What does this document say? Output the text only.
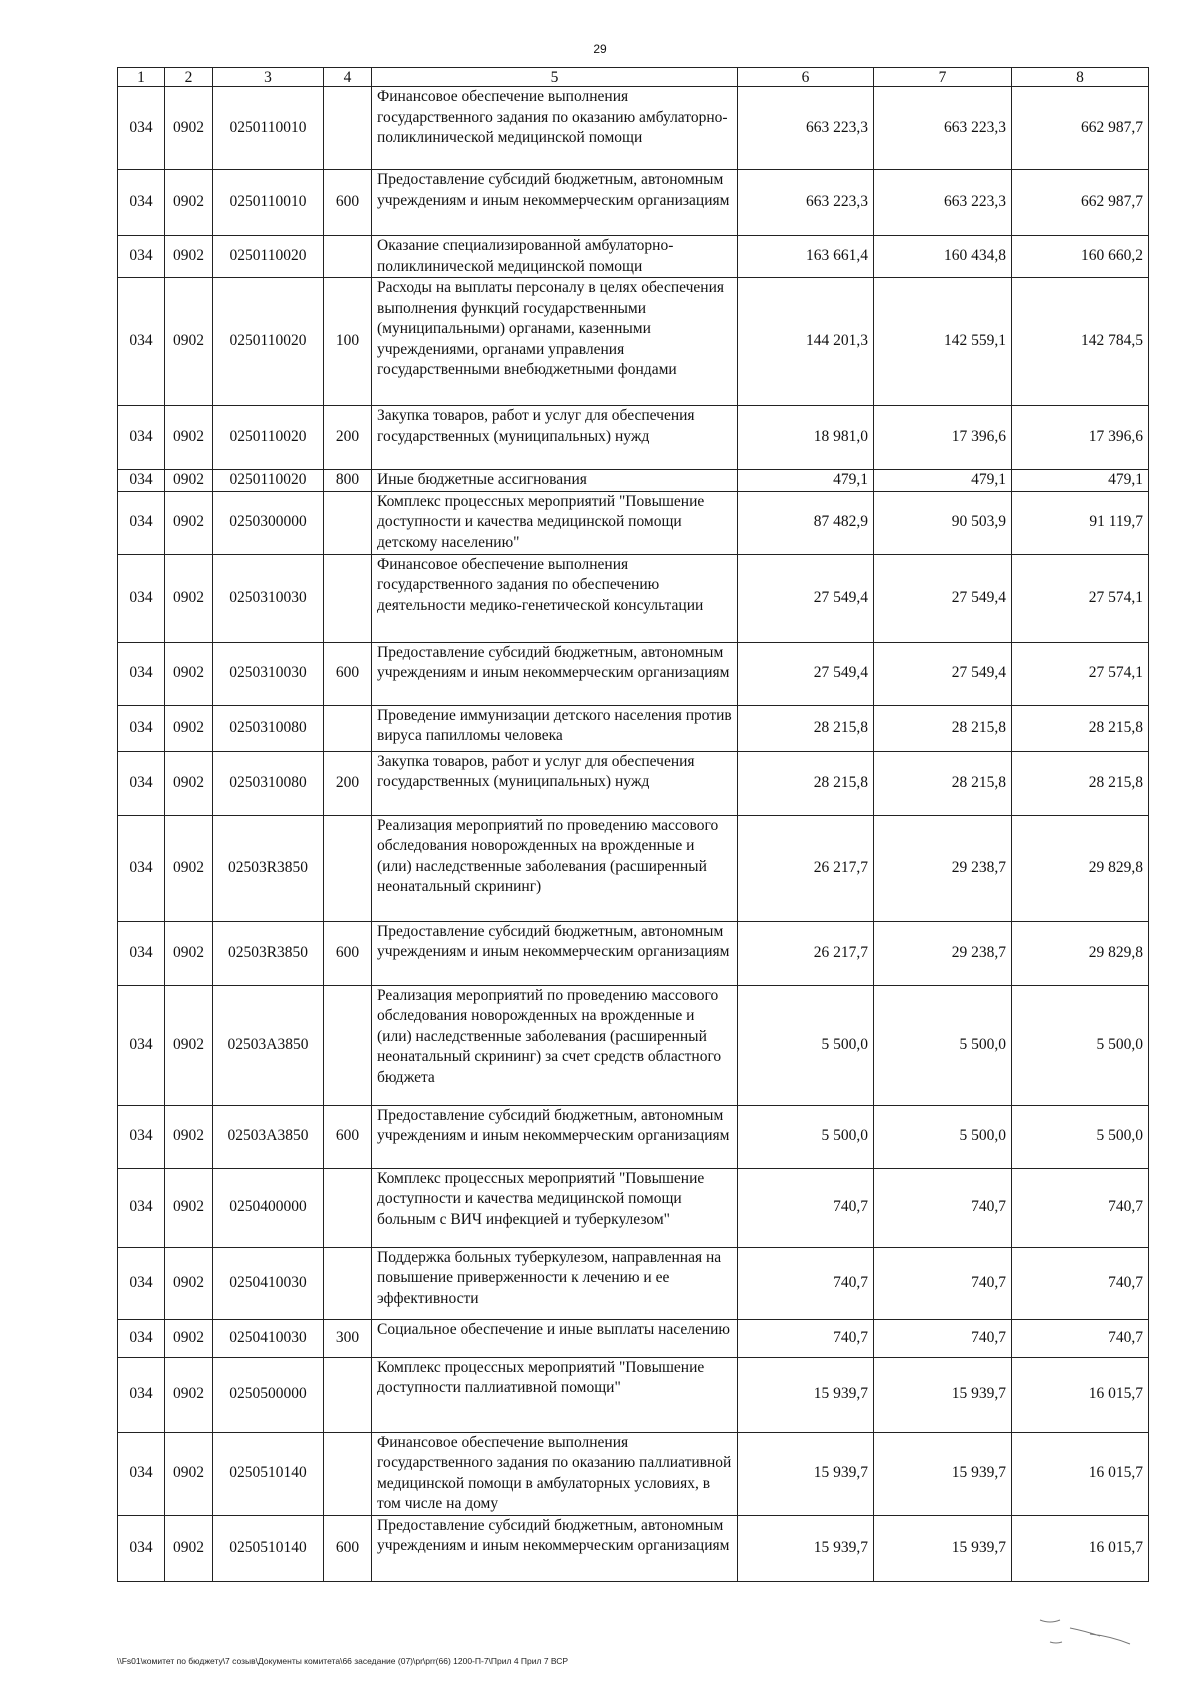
29
1	2	3	4	5	6	7	8
034	0902	0250110010		Финансовое обеспечение выполнения государственного задания по оказанию амбулаторно-поликлинической медицинской помощи	663 223,3	663 223,3	662 987,7
034	0902	0250110010	600	Предоставление субсидий бюджетным, автономным учреждениям и иным некоммерческим организациям	663 223,3	663 223,3	662 987,7
034	0902	0250110020		Оказание специализированной амбулаторно-поликлинической медицинской помощи	163 661,4	160 434,8	160 660,2
034	0902	0250110020	100	Расходы на выплаты персоналу в целях обеспечения выполнения функций государственными (муниципальными) органами, казенными учреждениями, органами управления государственными внебюджетными фондами	144 201,3	142 559,1	142 784,5
034	0902	0250110020	200	Закупка товаров, работ и услуг для обеспечения государственных (муниципальных) нужд	18 981,0	17 396,6	17 396,6
034	0902	0250110020	800	Иные бюджетные ассигнования	479,1	479,1	479,1
034	0902	0250300000		Комплекс процессных мероприятий "Повышение доступности и качества медицинской помощи детскому населению"	87 482,9	90 503,9	91 119,7
034	0902	0250310030		Финансовое обеспечение выполнения государственного задания по обеспечению деятельности медико-генетической консультации	27 549,4	27 549,4	27 574,1
034	0902	0250310030	600	Предоставление субсидий бюджетным, автономным учреждениям и иным некоммерческим организациям	27 549,4	27 549,4	27 574,1
034	0902	0250310080		Проведение иммунизации детского населения против вируса папилломы человека	28 215,8	28 215,8	28 215,8
034	0902	0250310080	200	Закупка товаров, работ и услуг для обеспечения государственных (муниципальных) нужд	28 215,8	28 215,8	28 215,8
034	0902	02503R3850		Реализация мероприятий по проведению массового обследования новорожденных на врожденные и (или) наследственные заболевания (расширенный неонатальный скрининг)	26 217,7	29 238,7	29 829,8
034	0902	02503R3850	600	Предоставление субсидий бюджетным, автономным учреждениям и иным некоммерческим организациям	26 217,7	29 238,7	29 829,8
034	0902	02503A3850		Реализация мероприятий по проведению массового обследования новорожденных на врожденные и (или) наследственные заболевания (расширенный неонатальный скрининг) за счет средств областного бюджета	5 500,0	5 500,0	5 500,0
034	0902	02503A3850	600	Предоставление субсидий бюджетным, автономным учреждениям и иным некоммерческим организациям	5 500,0	5 500,0	5 500,0
034	0902	0250400000		Комплекс процессных мероприятий "Повышение доступности и качества медицинской помощи больным с ВИЧ инфекцией и туберкулезом"	740,7	740,7	740,7
034	0902	0250410030		Поддержка больных туберкулезом, направленная на повышение приверженности к лечению и ее эффективности	740,7	740,7	740,7
034	0902	0250410030	300	Социальное обеспечение и иные выплаты населению	740,7	740,7	740,7
034	0902	0250500000		Комплекс процессных мероприятий "Повышение доступности паллиативной помощи"	15 939,7	15 939,7	16 015,7
034	0902	0250510140		Финансовое обеспечение выполнения государственного задания по оказанию паллиативной медицинской помощи в амбулаторных условиях, в том числе на дому	15 939,7	15 939,7	16 015,7
034	0902	0250510140	600	Предоставление субсидий бюджетным, автономным учреждениям и иным некоммерческим организациям	15 939,7	15 939,7	16 015,7
\\Fs01\комитет по бюджету\7 созыв\Документы комитета\66 заседание (07)\pr\prr(66) 1200-П-7\Прил 4 Прил 7 ВСР
